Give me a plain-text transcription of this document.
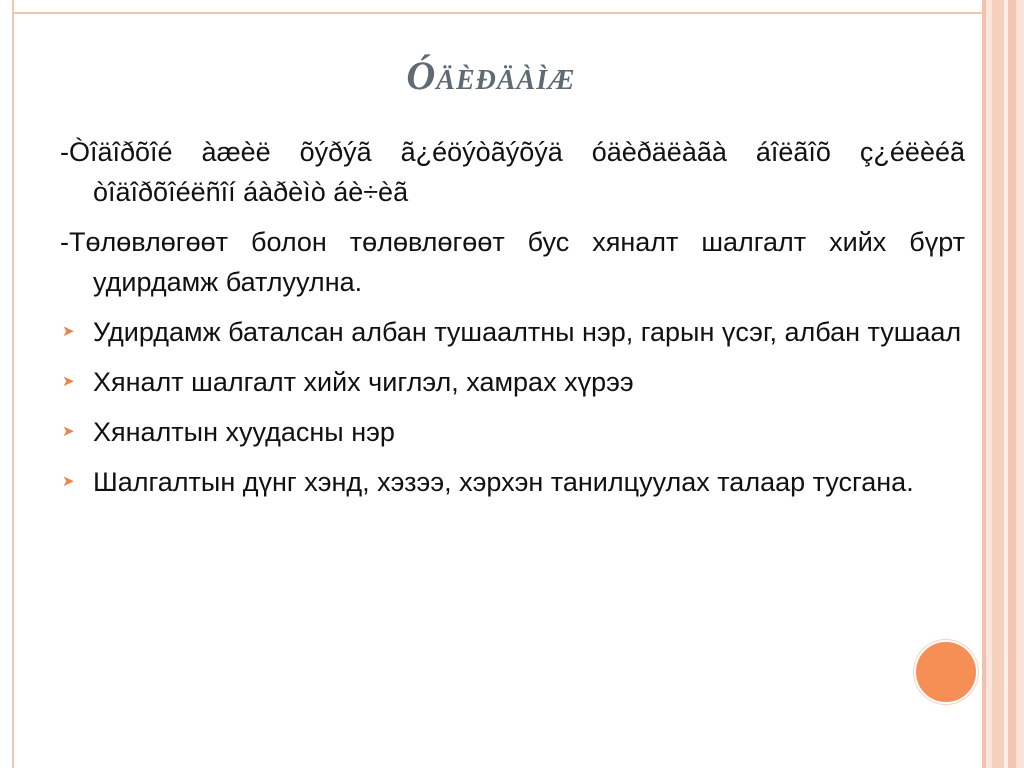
Óäèðäàìæ
-Òîäîðõîé àæèë õýðýã ã¿éöýòãýõýä óäèðäëàãà áîëãîõ ç¿éëèéã òîäîðõîéëñîí áàðèìò áè÷èã
-Төлөвлөгөөт болон төлөвлөгөөт бус хяналт шалгалт хийх бүрт удирдамж батлуулна.
➤ Удирдамж баталсан албан тушаалтны нэр, гарын үсэг, албан тушаал
➤ Хяналт шалгалт хийх чиглэл, хамрах хүрээ
➤ Хяналтын хуудасны нэр
➤ Шалгалтын дүнг хэнд, хэзээ, хэрхэн танилцуулах талаар тусгана.
